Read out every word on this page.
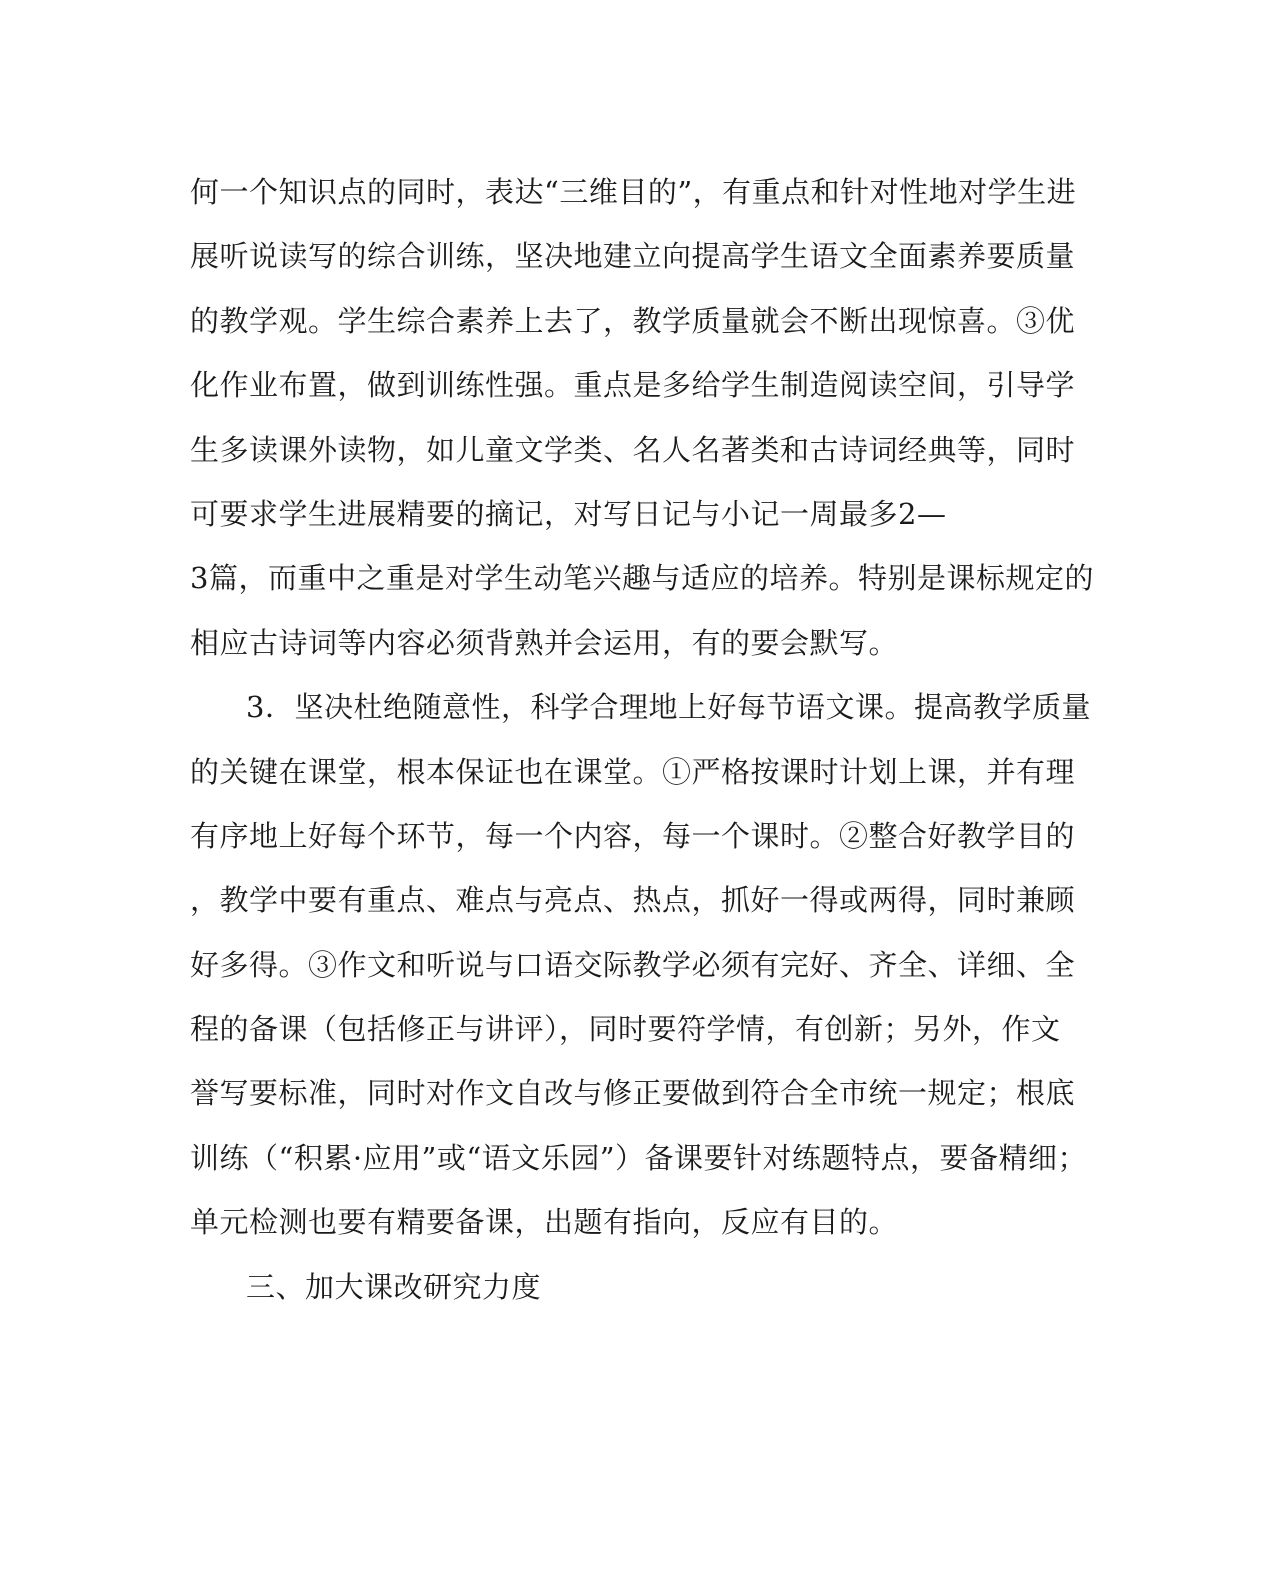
何一个知识点的同时，表达“三维目的”，有重点和针对性地对学生进
展听说读写的综合训练，坚决地建立向提高学生语文全面素养要质量
的教学观。学生综合素养上去了，教学质量就会不断出现惊喜。③优
化作业布置，做到训练性强。重点是多给学生制造阅读空间，引导学
生多读课外读物，如儿童文学类、名人名著类和古诗词经典等，同时
可要求学生进展精要的摘记，对写日记与小记一周最多2—
3篇，而重中之重是对学生动笔兴趣与适应的培养。特别是课标规定的
相应古诗词等内容必须背熟并会运用，有的要会默写。
3．坚决杜绝随意性，科学合理地上好每节语文课。提高教学质量
的关键在课堂，根本保证也在课堂。①严格按课时计划上课，并有理
有序地上好每个环节，每一个内容，每一个课时。②整合好教学目的
，教学中要有重点、难点与亮点、热点，抓好一得或两得，同时兼顾
好多得。③作文和听说与口语交际教学必须有完好、齐全、详细、全
程的备课（包括修正与讲评），同时要符学情，有创新；另外，作文
誉写要标准，同时对作文自改与修正要做到符合全市统一规定；根底
训练（“积累·应用”或“语文乐园”）备课要针对练题特点，要备精细；
单元检测也要有精要备课，出题有指向，反应有目的。
三、加大课改研究力度
